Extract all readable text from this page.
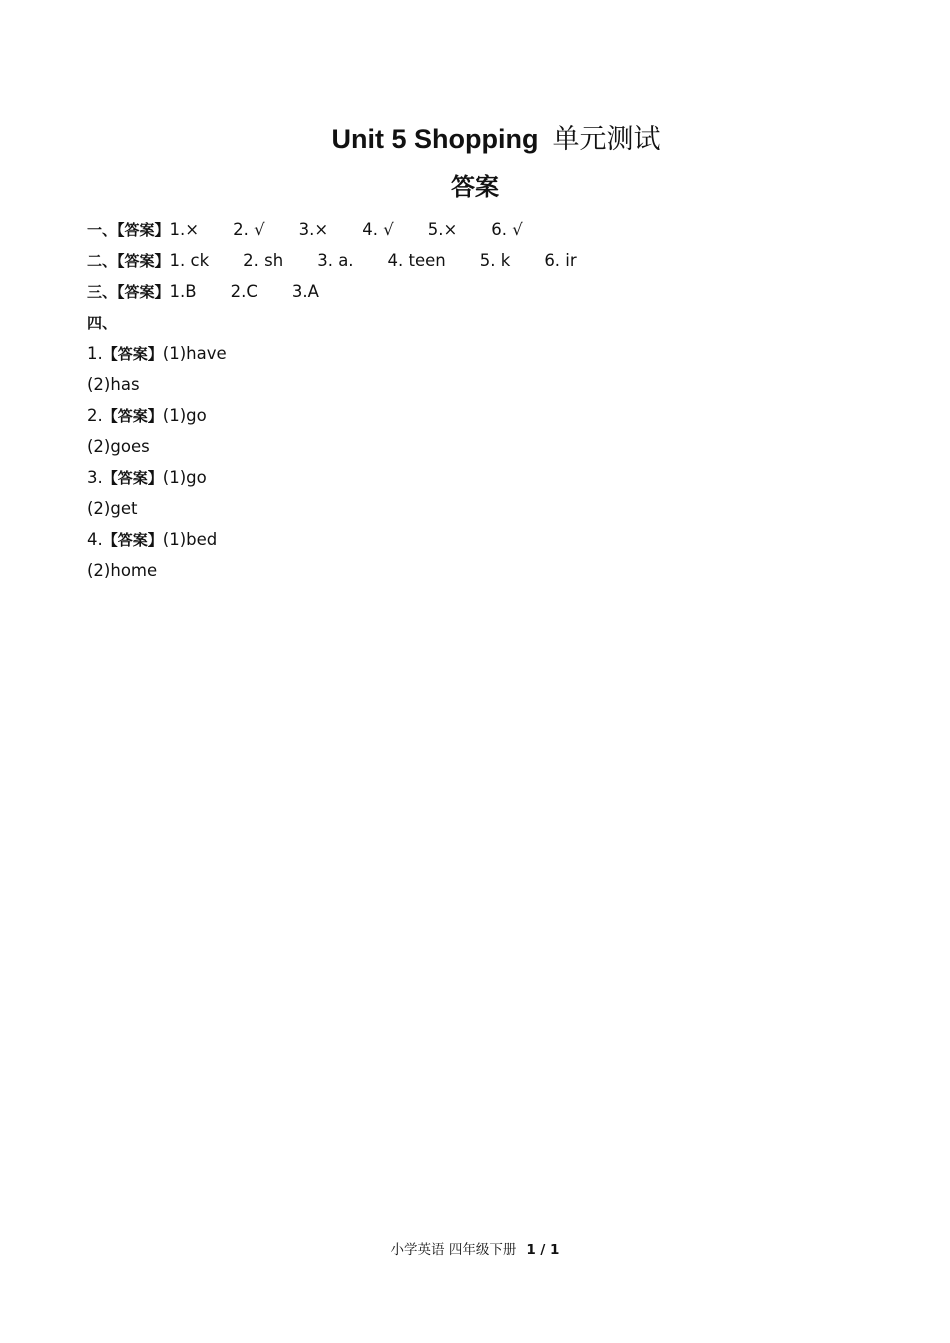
Unit 5 Shopping 单元测试
答案
一、【答案】1.× 2. √ 3.× 4. √ 5.× 6. √
二、【答案】1. ck 2. sh 3. a. 4. teen 5. k 6. ir
三、【答案】1.B 2.C 3.A
四、
1.【答案】(1)have
(2)has
2.【答案】(1)go
(2)goes
3.【答案】(1)go
(2)get
4.【答案】(1)bed
(2)home
小学英语 四年级下册 1 / 1
